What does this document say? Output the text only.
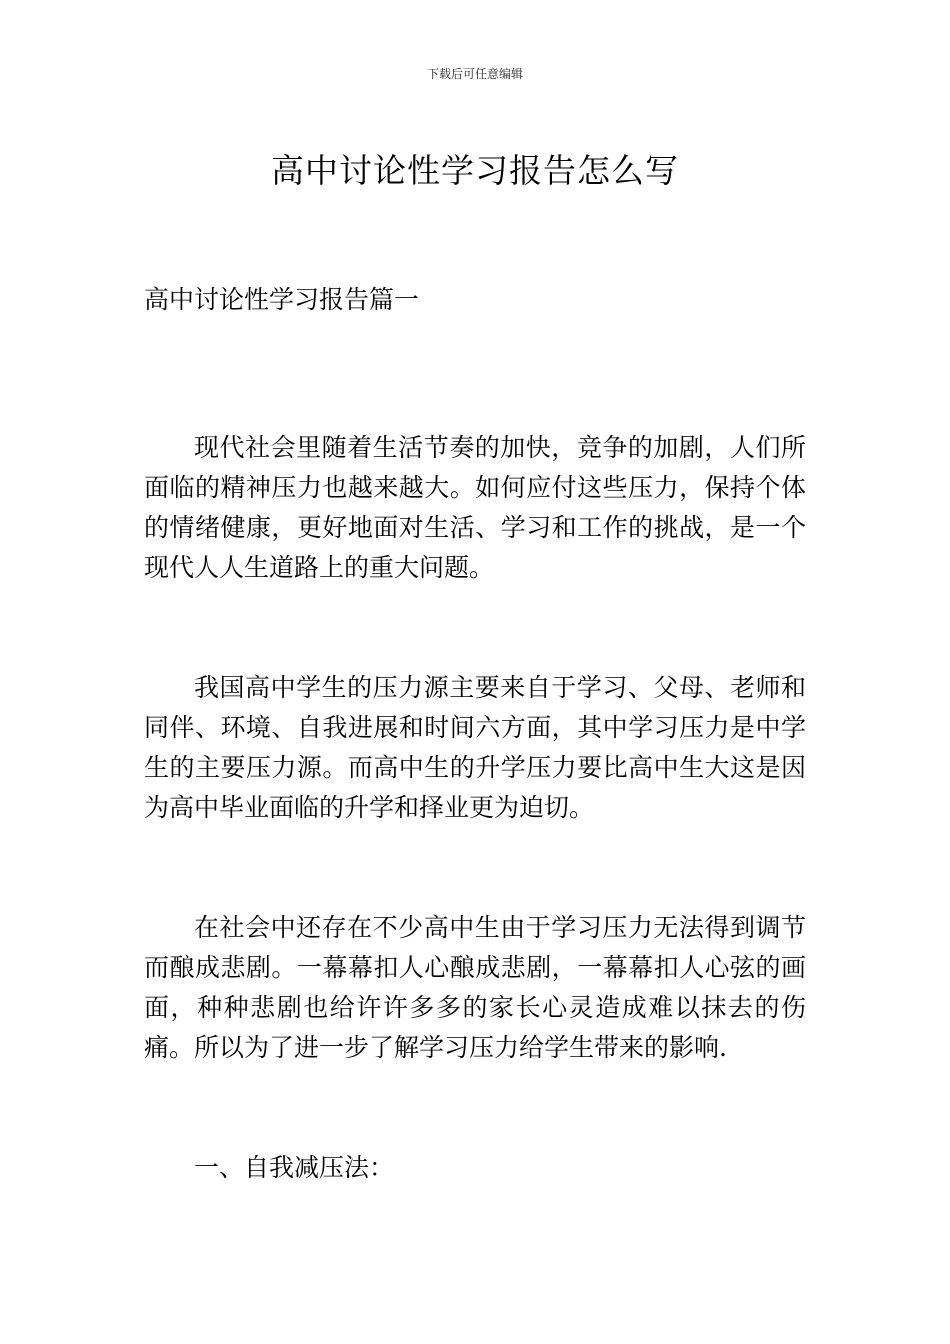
下载后可任意编辑
高中讨论性学习报告怎么写
高中讨论性学习报告篇一

现代社会里随着生活节奏的加快，竞争的加剧，人们所面临的精神压力也越来越大。如何应付这些压力，保持个体的情绪健康，更好地面对生活、学习和工作的挑战，是一个现代人人生道路上的重大问题。

我国高中学生的压力源主要来自于学习、父母、老师和同伴、环境、自我进展和时间六方面，其中学习压力是中学生的主要压力源。而高中生的升学压力要比高中生大这是因为高中毕业面临的升学和择业更为迫切。

在社会中还存在不少高中生由于学习压力无法得到调节而酿成悲剧。一幕幕扣人心酿成悲剧，一幕幕扣人心弦的画面，种种悲剧也给许许多多的家长心灵造成难以抹去的伤痛。所以为了进一步了解学习压力给学生带来的影响.

一、自我减压法：
